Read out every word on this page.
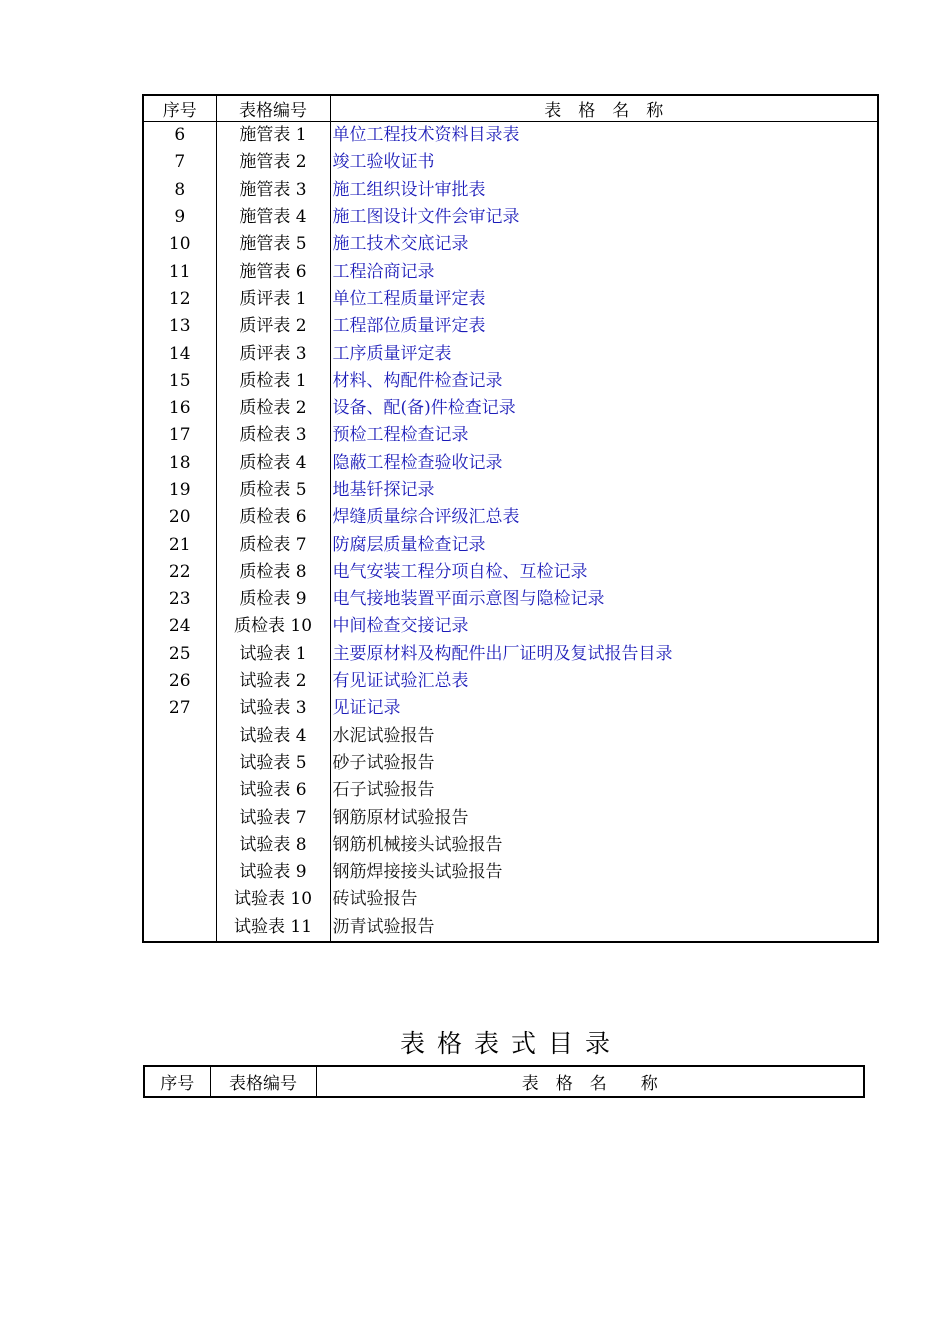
序号	表格编号	表　格　名　称
6	施管表 1	单位工程技术资料目录表
7	施管表 2	竣工验收证书
8	施管表 3	施工组织设计审批表
9	施管表 4	施工图设计文件会审记录
10	施管表 5	施工技术交底记录
11	施管表 6	工程洽商记录
12	质评表 1	单位工程质量评定表
13	质评表 2	工程部位质量评定表
14	质评表 3	工序质量评定表
15	质检表 1	材料、构配件检查记录
16	质检表 2	设备、配(备)件检查记录
17	质检表 3	预检工程检查记录
18	质检表 4	隐蔽工程检查验收记录
19	质检表 5	地基钎探记录
20	质检表 6	焊缝质量综合评级汇总表
21	质检表 7	防腐层质量检查记录
22	质检表 8	电气安装工程分项自检、互检记录
23	质检表 9	电气接地装置平面示意图与隐检记录
24	质检表 10	中间检查交接记录
25	试验表 1	主要原材料及构配件出厂证明及复试报告目录
26	试验表 2	有见证试验汇总表
27	试验表 3	见证记录
	试验表 4	水泥试验报告
	试验表 5	砂子试验报告
	试验表 6	石子试验报告
	试验表 7	钢筋原材试验报告
	试验表 8	钢筋机械接头试验报告
	试验表 9	钢筋焊接接头试验报告
	试验表 10	砖试验报告
	试验表 11	沥青试验报告
表格表式目录
序号	表格编号	表　格　名　　称
